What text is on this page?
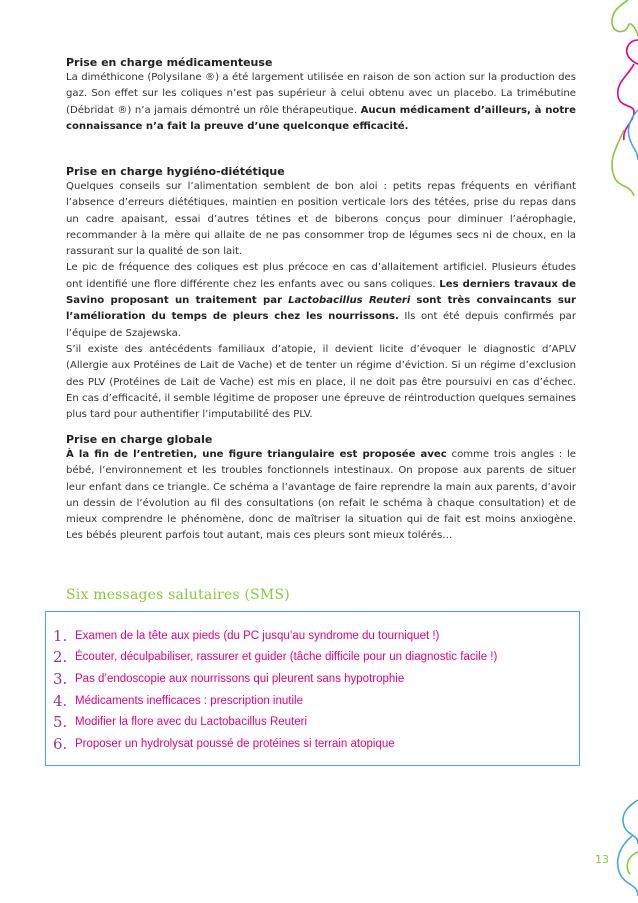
Prise en charge médicamenteuse

La diméthicone (Polysilane ®) a été largement utilisée en raison de son action sur la production des gaz. Son effet sur les coliques n’est pas supérieur à celui obtenu avec un placebo. La trimébutine (Débridat ®) n’a jamais démontré un rôle thérapeutique. Aucun médicament d’ailleurs, à notre connaissance n’a fait la preuve d’une quelconque efficacité.

Prise en charge hygiéno-diététique

Quelques conseils sur l’alimentation semblent de bon aloi : petits repas fréquents en vérifiant l’absence d’erreurs diététiques, maintien en position verticale lors des tétées, prise du repas dans un cadre apaisant, essai d’autres tétines et de biberons conçus pour diminuer l’aérophagie, recommander à la mère qui allaite de ne pas consommer trop de légumes secs ni de choux, en la rassurant sur la qualité de son lait.

Le pic de fréquence des coliques est plus précoce en cas d’allaitement artificiel. Plusieurs études ont identifié une flore différente chez les enfants avec ou sans coliques. Les derniers travaux de Savino proposant un traitement par Lactobacillus Reuteri sont très convaincants sur l’amélioration du temps de pleurs chez les nourrissons. Ils ont été depuis confirmés par l’équipe de Szajewska.

S’il existe des antécédents familiaux d’atopie, il devient licite d’évoquer le diagnostic d’APLV (Allergie aux Protéines de Lait de Vache) et de tenter un régime d’éviction. Si un régime d’exclusion des PLV (Protéines de Lait de Vache) est mis en place, il ne doit pas être poursuivi en cas d’échec. En cas d’efficacité, il semble légitime de proposer une épreuve de réintroduction quelques semaines plus tard pour authentifier l’imputabilité des PLV.

Prise en charge globale

À la fin de l’entretien, une figure triangulaire est proposée avec comme trois angles : le bébé, l’environnement et les troubles fonctionnels intestinaux. On propose aux parents de situer leur enfant dans ce triangle. Ce schéma a l’avantage de faire reprendre la main aux parents, d’avoir un dessin de l’évolution au fil des consultations (on refait le schéma à chaque consultation) et de mieux comprendre le phénomène, donc de maîtriser la situation qui de fait est moins anxiogène. Les bébés pleurent parfois tout autant, mais ces pleurs sont mieux tolérés…

Six messages salutaires (SMS)
1. Examen de la tête aux pieds (du PC jusqu’au syndrome du tourniquet !)
2. Écouter, déculpabiliser, rassurer et guider (tâche difficile pour un diagnostic facile !)
3. Pas d’endoscopie aux nourrissons qui pleurent sans hypotrophie
4. Médicaments inefficaces : prescription inutile
5. Modifier la flore avec du Lactobacillus Reuteri
6. Proposer un hydrolysat poussé de protéines si terrain atopique
13
